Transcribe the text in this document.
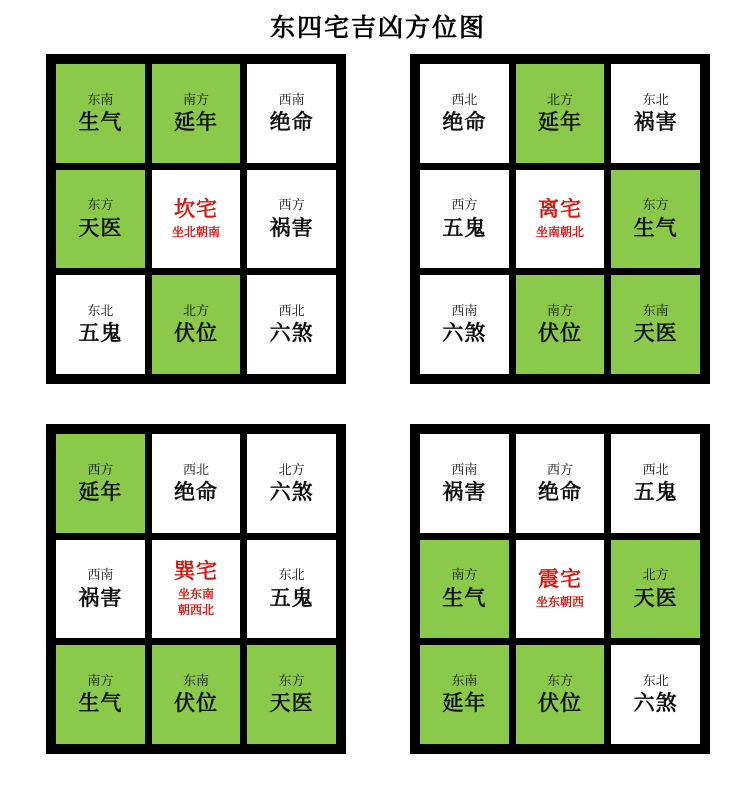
东四宅吉凶方位图
东南
生气
南方
延年
西南
绝命
东方
天医
坎宅
坐北朝南
西方
祸害
东北
五鬼
北方
伏位
西北
六煞
西北
绝命
北方
延年
东北
祸害
西方
五鬼
离宅
坐南朝北
东方
生气
西南
六煞
南方
伏位
东南
天医
西方
延年
西北
绝命
北方
六煞
西南
祸害
巽宅
坐东南
朝西北
东北
五鬼
南方
生气
东南
伏位
东方
天医
西南
祸害
西方
绝命
西北
五鬼
南方
生气
震宅
坐东朝西
北方
天医
东南
延年
东方
伏位
东北
六煞
